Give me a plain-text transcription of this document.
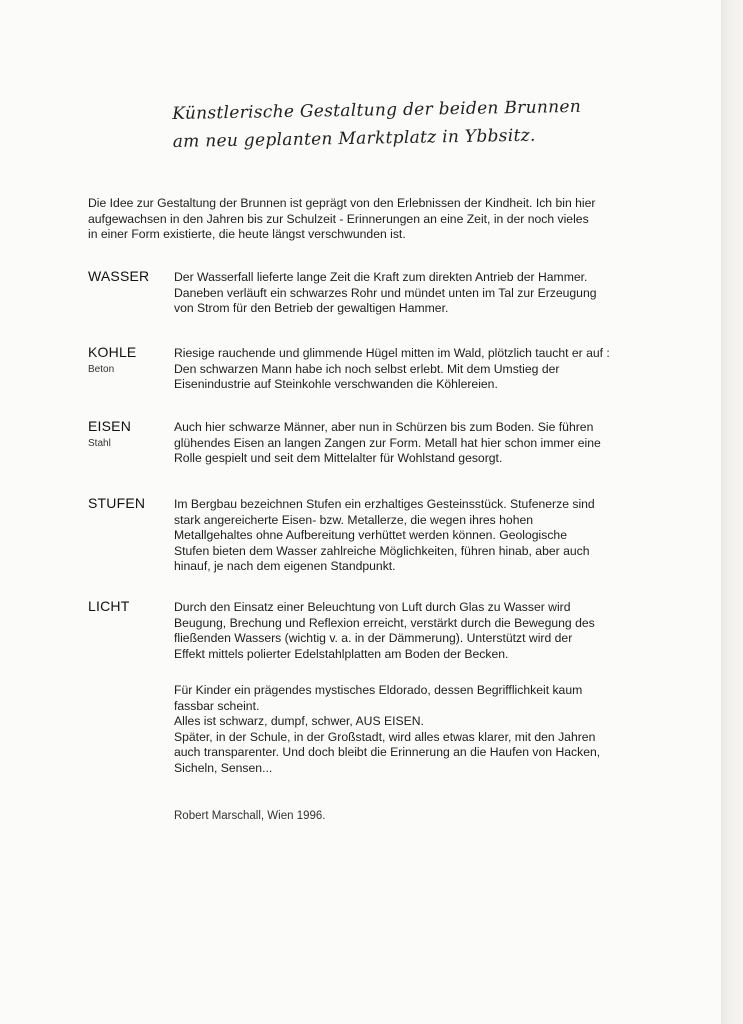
Künstlerische Gestaltung der beiden Brunnen
am neu geplanten Marktplatz in Ybbsitz.
Die Idee zur Gestaltung der Brunnen ist geprägt von den Erlebnissen der Kindheit. Ich bin hier
aufgewachsen in den Jahren bis zur Schulzeit - Erinnerungen an eine Zeit, in der noch vieles
in einer Form existierte, die heute längst verschwunden ist.
WASSER Der Wasserfall lieferte lange Zeit die Kraft zum direkten Antrieb der Hammer.
Daneben verläuft ein schwarzes Rohr und mündet unten im Tal zur Erzeugung
von Strom für den Betrieb der gewaltigen Hammer.
KOHLE
Beton
Riesige rauchende und glimmende Hügel mitten im Wald, plötzlich taucht er auf :
Den schwarzen Mann habe ich noch selbst erlebt. Mit dem Umstieg der
Eisenindustrie auf Steinkohle verschwanden die Köhlereien.
EISEN
Stahl
Auch hier schwarze Männer, aber nun in Schürzen bis zum Boden. Sie führen
glühendes Eisen an langen Zangen zur Form. Metall hat hier schon immer eine
Rolle gespielt und seit dem Mittelalter für Wohlstand gesorgt.
STUFEN Im Bergbau bezeichnen Stufen ein erzhaltiges Gesteinsstück. Stufenerze sind
stark angereicherte Eisen- bzw. Metallerze, die wegen ihres hohen
Metallgehaltes ohne Aufbereitung verhüttet werden können. Geologische
Stufen bieten dem Wasser zahlreiche Möglichkeiten, führen hinab, aber auch
hinauf, je nach dem eigenen Standpunkt.
LICHT	Durch den Einsatz einer Beleuchtung von Luft durch Glas zu Wasser wird
Beugung, Brechung und Reflexion erreicht, verstärkt durch die Bewegung des
fließenden Wassers (wichtig v. a. in der Dämmerung). Unterstützt wird der
Effekt mittels polierter Edelstahlplatten am Boden der Becken.
Für Kinder ein prägendes mystisches Eldorado, dessen Begrifflichkeit kaum
fassbar scheint.
Alles ist schwarz, dumpf, schwer, AUS EISEN.
Später, in der Schule, in der Großstadt, wird alles etwas klarer, mit den Jahren
auch transparenter. Und doch bleibt die Erinnerung an die Haufen von Hacken,
Sicheln, Sensen...
Robert Marschall, Wien 1996.
